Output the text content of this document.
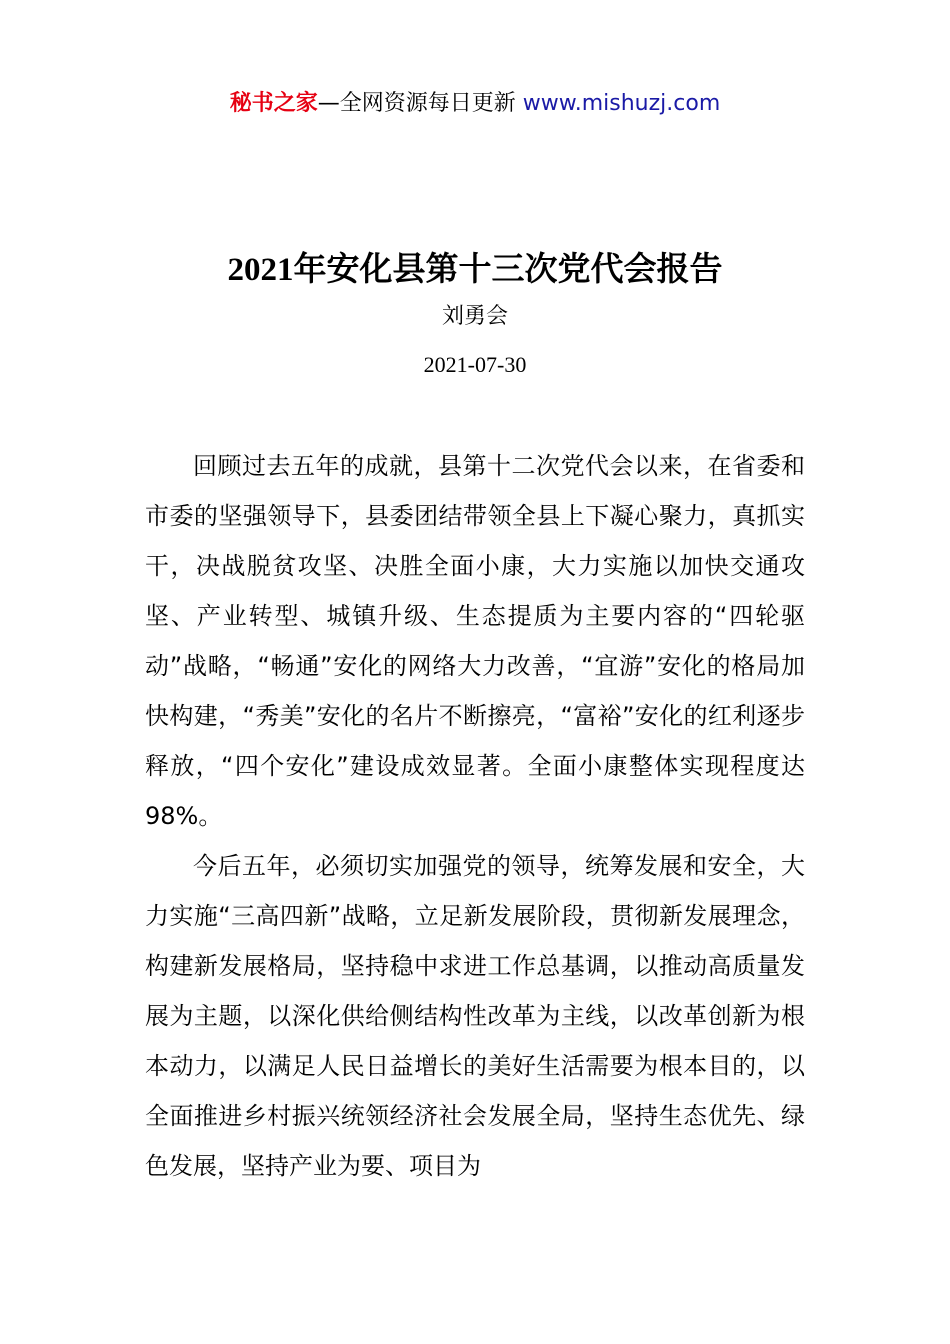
秘书之家—全网资源每日更新 www.mishuzj.com
2021年安化县第十三次党代会报告
刘勇会
2021-07-30

回顾过去五年的成就，县第十二次党代会以来，在省委和市委的坚强领导下，县委团结带领全县上下凝心聚力，真抓实干，决战脱贫攻坚、决胜全面小康，大力实施以加快交通攻坚、产业转型、城镇升级、生态提质为主要内容的“四轮驱动”战略，“畅通”安化的网络大力改善，“宜游”安化的格局加快构建，“秀美”安化的名片不断擦亮，“富裕”安化的红利逐步释放，“四个安化”建设成效显著。全面小康整体实现程度达98%。

今后五年，必须切实加强党的领导，统筹发展和安全，大力实施“三高四新”战略，立足新发展阶段，贯彻新发展理念，构建新发展格局，坚持稳中求进工作总基调，以推动高质量发展为主题，以深化供给侧结构性改革为主线，以改革创新为根本动力，以满足人民日益增长的美好生活需要为根本目的，以全面推进乡村振兴统领经济社会发展全局，坚持生态优先、绿色发展，坚持产业为要、项目为
